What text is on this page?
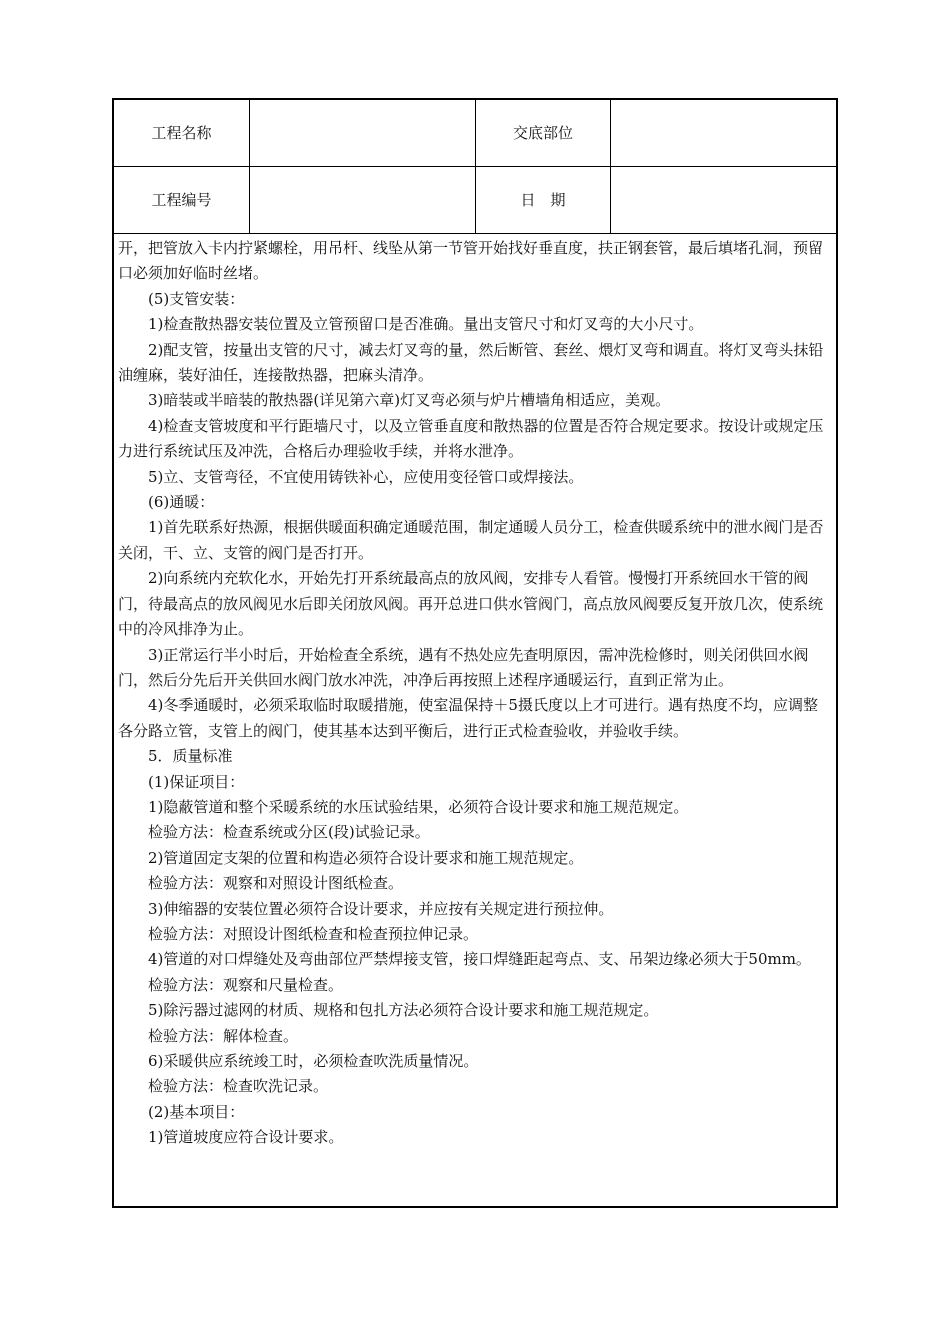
工程名称	交底部位
工程编号	日　期

开，把管放入卡内拧紧螺栓，用吊杆、线坠从第一节管开始找好垂直度，扶正钢套管，最后填堵孔洞，预留口必须加好临时丝堵。

(5)支管安装：

1)检查散热器安装位置及立管预留口是否准确。量出支管尺寸和灯叉弯的大小尺寸。

2)配支管，按量出支管的尺寸，减去灯叉弯的量，然后断管、套丝、煨灯叉弯和调直。将灯叉弯头抹铅油缠麻，装好油任，连接散热器，把麻头清净。

3)暗装或半暗装的散热器(详见第六章)灯叉弯必须与炉片槽墙角相适应，美观。

4)检查支管坡度和平行距墙尺寸，以及立管垂直度和散热器的位置是否符合规定要求。按设计或规定压力进行系统试压及冲洗，合格后办理验收手续，并将水泄净。

5)立、支管弯径，不宜使用铸铁补心，应使用变径管口或焊接法。

(6)通暖：

1)首先联系好热源，根据供暖面积确定通暖范围，制定通暖人员分工，检查供暖系统中的泄水阀门是否关闭，干、立、支管的阀门是否打开。

2)向系统内充软化水，开始先打开系统最高点的放风阀，安排专人看管。慢慢打开系统回水干管的阀门，待最高点的放风阀见水后即关闭放风阀。再开总进口供水管阀门，高点放风阀要反复开放几次，使系统中的冷风排净为止。

3)正常运行半小时后，开始检查全系统，遇有不热处应先查明原因，需冲洗检修时，则关闭供回水阀门，然后分先后开关供回水阀门放水冲洗，冲净后再按照上述程序通暖运行，直到正常为止。

4)冬季通暖时，必须采取临时取暖措施，使室温保持＋5摄氏度以上才可进行。遇有热度不均，应调整各分路立管，支管上的阀门，使其基本达到平衡后，进行正式检查验收，并验收手续。

5．质量标准

(1)保证项目：

1)隐蔽管道和整个采暖系统的水压试验结果，必须符合设计要求和施工规范规定。

检验方法：检查系统或分区(段)试验记录。

2)管道固定支架的位置和构造必须符合设计要求和施工规范规定。

检验方法：观察和对照设计图纸检查。

3)伸缩器的安装位置必须符合设计要求，并应按有关规定进行预拉伸。

检验方法：对照设计图纸检查和检查预拉伸记录。

4)管道的对口焊缝处及弯曲部位严禁焊接支管，接口焊缝距起弯点、支、吊架边缘必须大于50mm。

检验方法：观察和尺量检查。

5)除污器过滤网的材质、规格和包扎方法必须符合设计要求和施工规范规定。

检验方法：解体检查。

6)采暖供应系统竣工时，必须检查吹洗质量情况。

检验方法：检查吹洗记录。

(2)基本项目：

1)管道坡度应符合设计要求。
